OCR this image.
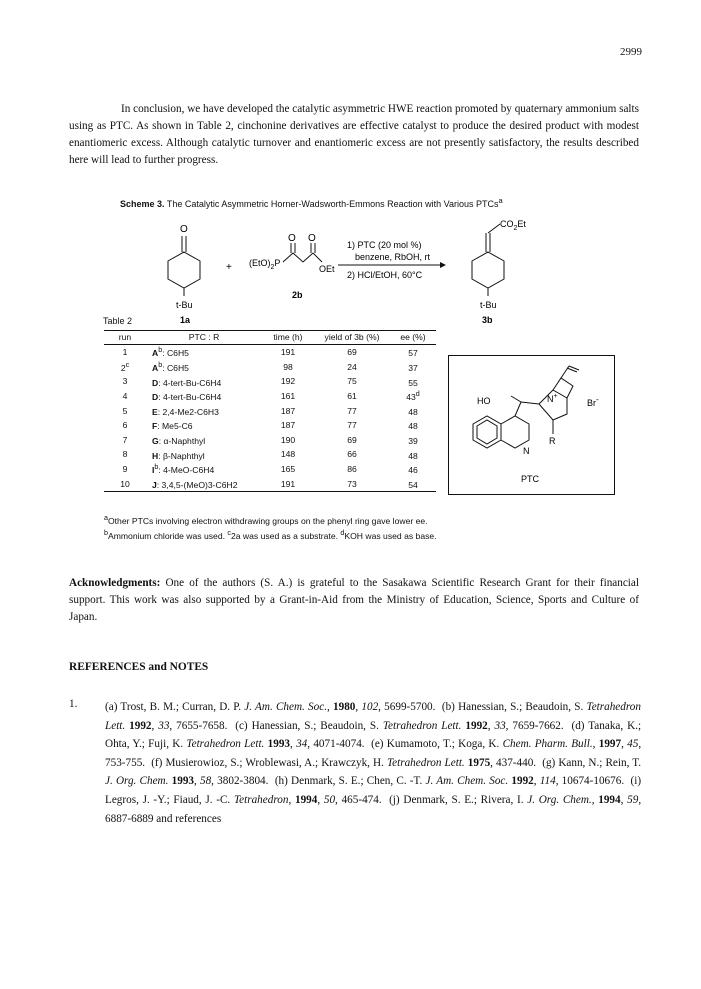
2999

In conclusion, we have developed the catalytic asymmetric HWE reaction promoted by quaternary ammonium salts using as PTC. As shown in Table 2, cinchonine derivatives are effective catalyst to produce the desired product with modest enantiomeric excess. Although catalytic turnover and enantiomeric excess are not presently satisfactory, the results described here will lead to further progress.

Scheme 3. The Catalytic Asymmetric Horner-Wadsworth-Emmons Reaction with Various PTCs$^a$
O
t-Bu
1a
+
O O
$(EtO)_2P$
OEt
2b
1) PTC (20 mol %)
benzene, RbOH, rt
2) HCl/EtOH, 60°C
$CO_2Et$
t-Bu
3b
Table 2
run	PTC : R	time (h)	yield of 3b (%)	ee (%)
1	$A^b$: C6H5	191	69	57
2$^c$	$A^b$: C6H5	98	24	37
3	D: 4-tert-Bu-C6H4	192	75	55
4	D: 4-tert-Bu-C6H4	161	61	43$^d$
5	E: 2,4-Me2-C6H3	187	77	48
6	F: Me5-C6	187	77	48
7	G: α-Naphthyl	190	69	39
8	H: β-Naphthyl	148	66	48
9	$I^b$: 4-MeO-C6H4	165	86	46
10	J: 3,4,5-(MeO)3-C6H2	191	73	54
$^a$Other PTCs involving electron withdrawing groups on the phenyl ring gave lower ee. $^b$Ammonium chloride was used. $^c$2a was used as a substrate. $^d$KOH was used as base.
HO	N+
Br-
R
N
PTC
Acknowledgments: One of the authors (S. A.) is grateful to the Sasakawa Scientific Research Grant for their financial support. This work was also supported by a Grant-in-Aid from the Ministry of Education, Science, Sports and Culture of Japan.
REFERENCES and NOTES
1. (a) Trost, B. M.; Curran, D. P. J. Am. Chem. Soc., 1980, 102, 5699-5700. (b) Hanessian, S.; Beaudoin, S. Tetrahedron Lett. 1992, 33, 7655-7658. (c) Hanessian, S.; Beaudoin, S. Tetrahedron Lett. 1992, 33, 7659-7662. (d) Tanaka, K.; Ohta, Y.; Fuji, K. Tetrahedron Lett. 1993, 34, 4071-4074. (e) Kumamoto, T.; Koga, K. Chem. Pharm. Bull., 1997, 45, 753-755. (f) Musierowioz, S.; Wroblewasi, A.; Krawczyk, H. Tetrahedron Lett. 1975, 437-440. (g) Kann, N.; Rein, T. J. Org. Chem. 1993, 58, 3802-3804. (h) Denmark, S. E.; Chen, C. -T. J. Am. Chem. Soc. 1992, 114, 10674-10676. (i) Legros, J. -Y.; Fiaud, J. -C. Tetrahedron, 1994, 50, 465-474. (j) Denmark, S. E.; Rivera, I. J. Org. Chem., 1994, 59, 6887-6889 and references
